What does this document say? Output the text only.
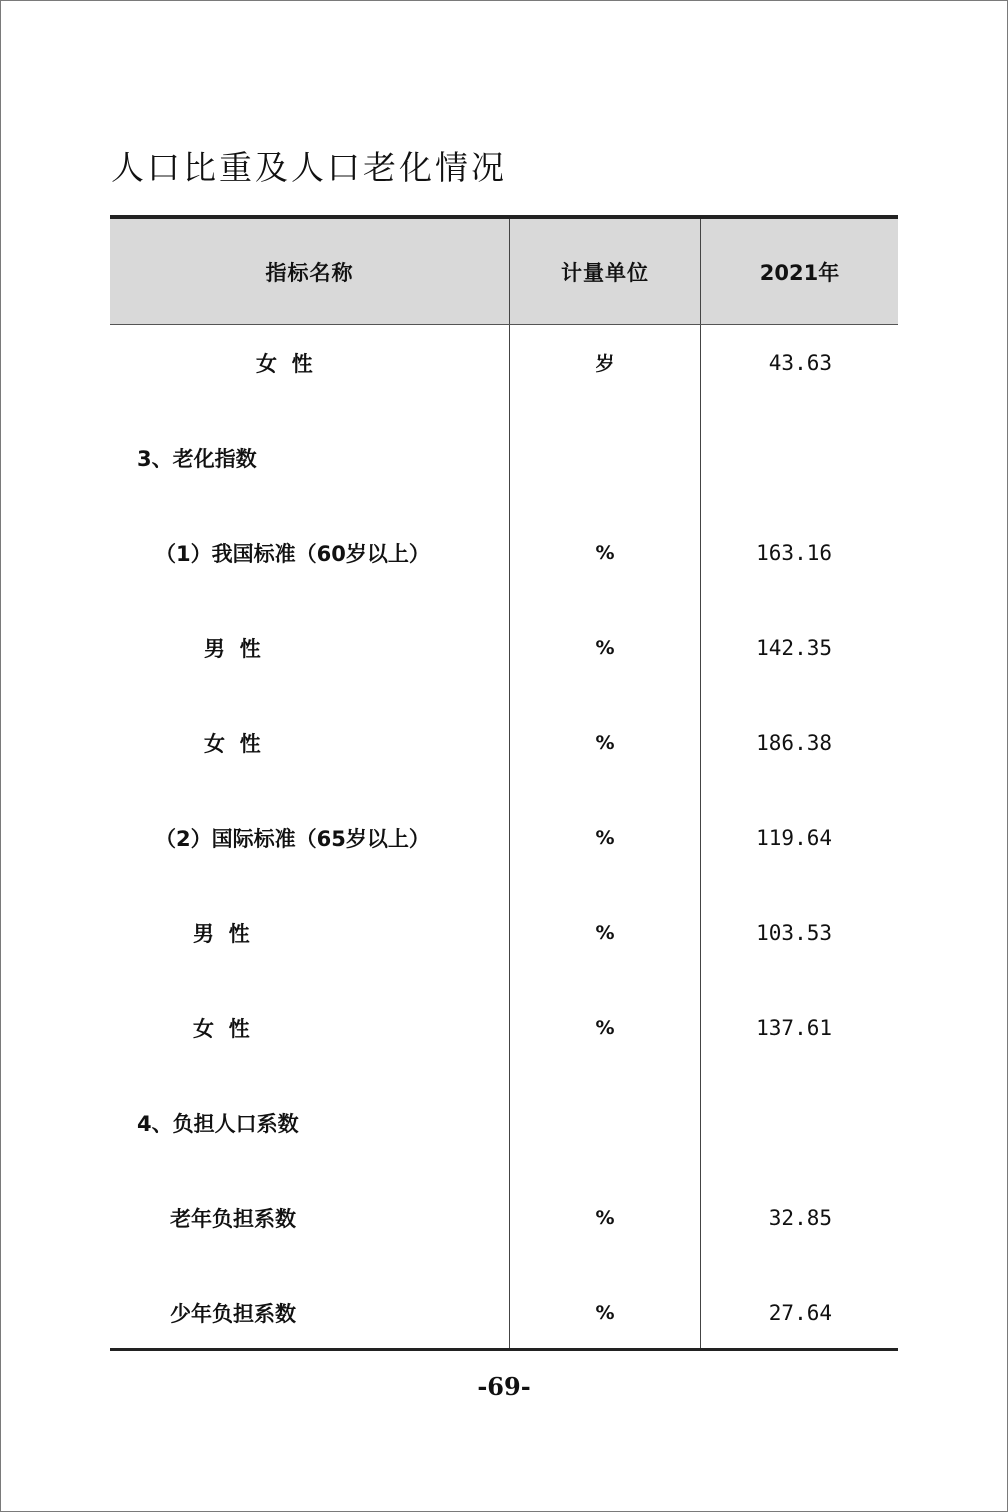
人口比重及人口老化情况
指标名称	计量单位	2021年
女  性	岁	43.63
3、老化指数
（1）我国标准（60岁以上）	%	163.16
男  性	%	142.35
女  性	%	186.38
（2）国际标准（65岁以上）	%	119.64
男  性	%	103.53
女  性	%	137.61
4、负担人口系数
老年负担系数	%	32.85
少年负担系数	%	27.64
-69-
